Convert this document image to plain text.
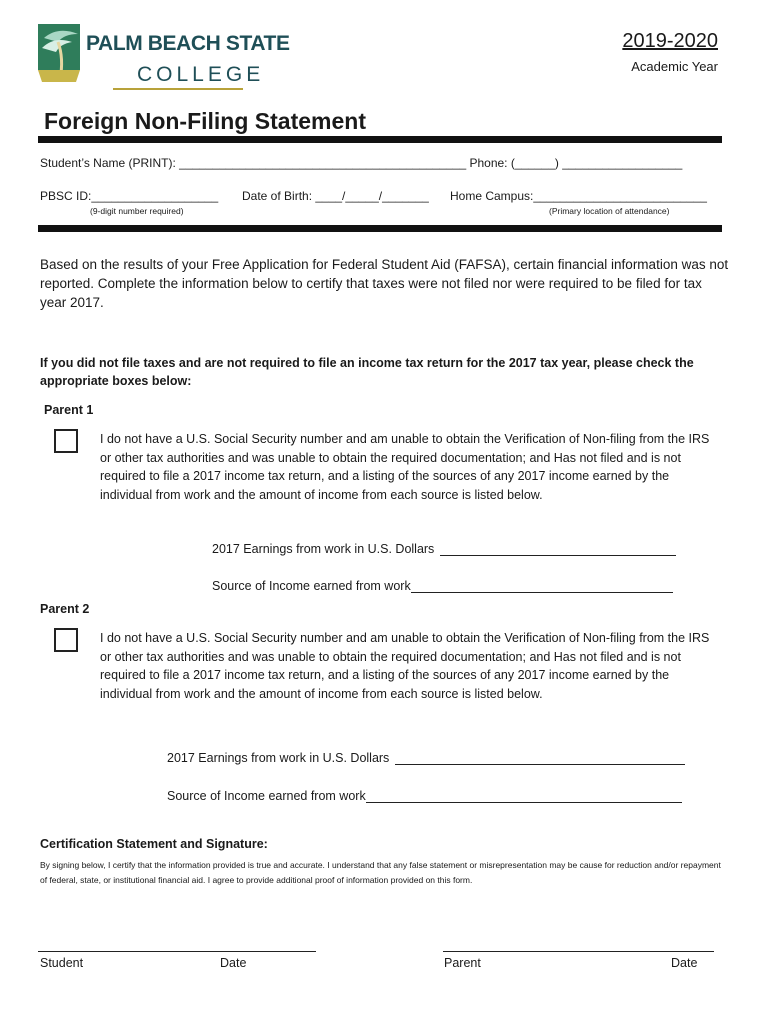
PALM BEACH STATE
COLLEGE
2019-2020
Academic Year
Foreign Non-Filing Statement
Student’s Name (PRINT): ___________________________________________ Phone: (______) __________________
PBSC ID:___________________ Date of Birth: ____/_____/_______ Home Campus:__________________________
(9-digit number required)	(Primary location of attendance)
Based on the results of your Free Application for Federal Student Aid (FAFSA), certain financial information was not reported. Complete the information below to certify that taxes were not filed nor were required to be filed for tax year 2017.
If you did not file taxes and are not required to file an income tax return for the 2017 tax year, please check the appropriate boxes below:
Parent 1
I do not have a U.S. Social Security number and am unable to obtain the Verification of Non-filing from the IRS or other tax authorities and was unable to obtain the required documentation; and Has not filed and is not required to file a 2017 income tax return, and a listing of the sources of any 2017 income earned by the individual from work and the amount of income from each source is listed below.
2017 Earnings from work in U.S. Dollars
Source of Income earned from work
Parent 2
I do not have a U.S. Social Security number and am unable to obtain the Verification of Non-filing from the IRS or other tax authorities and was unable to obtain the required documentation; and Has not filed and is not required to file a 2017 income tax return, and a listing of the sources of any 2017 income earned by the individual from work and the amount of income from each source is listed below.
2017 Earnings from work in U.S. Dollars
Source of Income earned from work
Certification Statement and Signature:
By signing below, I certify that the information provided is true and accurate. I understand that any false statement or misrepresentation may be cause for reduction and/or repayment of federal, state, or institutional financial aid. I agree to provide additional proof of information provided on this form.
Student	Date	Parent	Date
